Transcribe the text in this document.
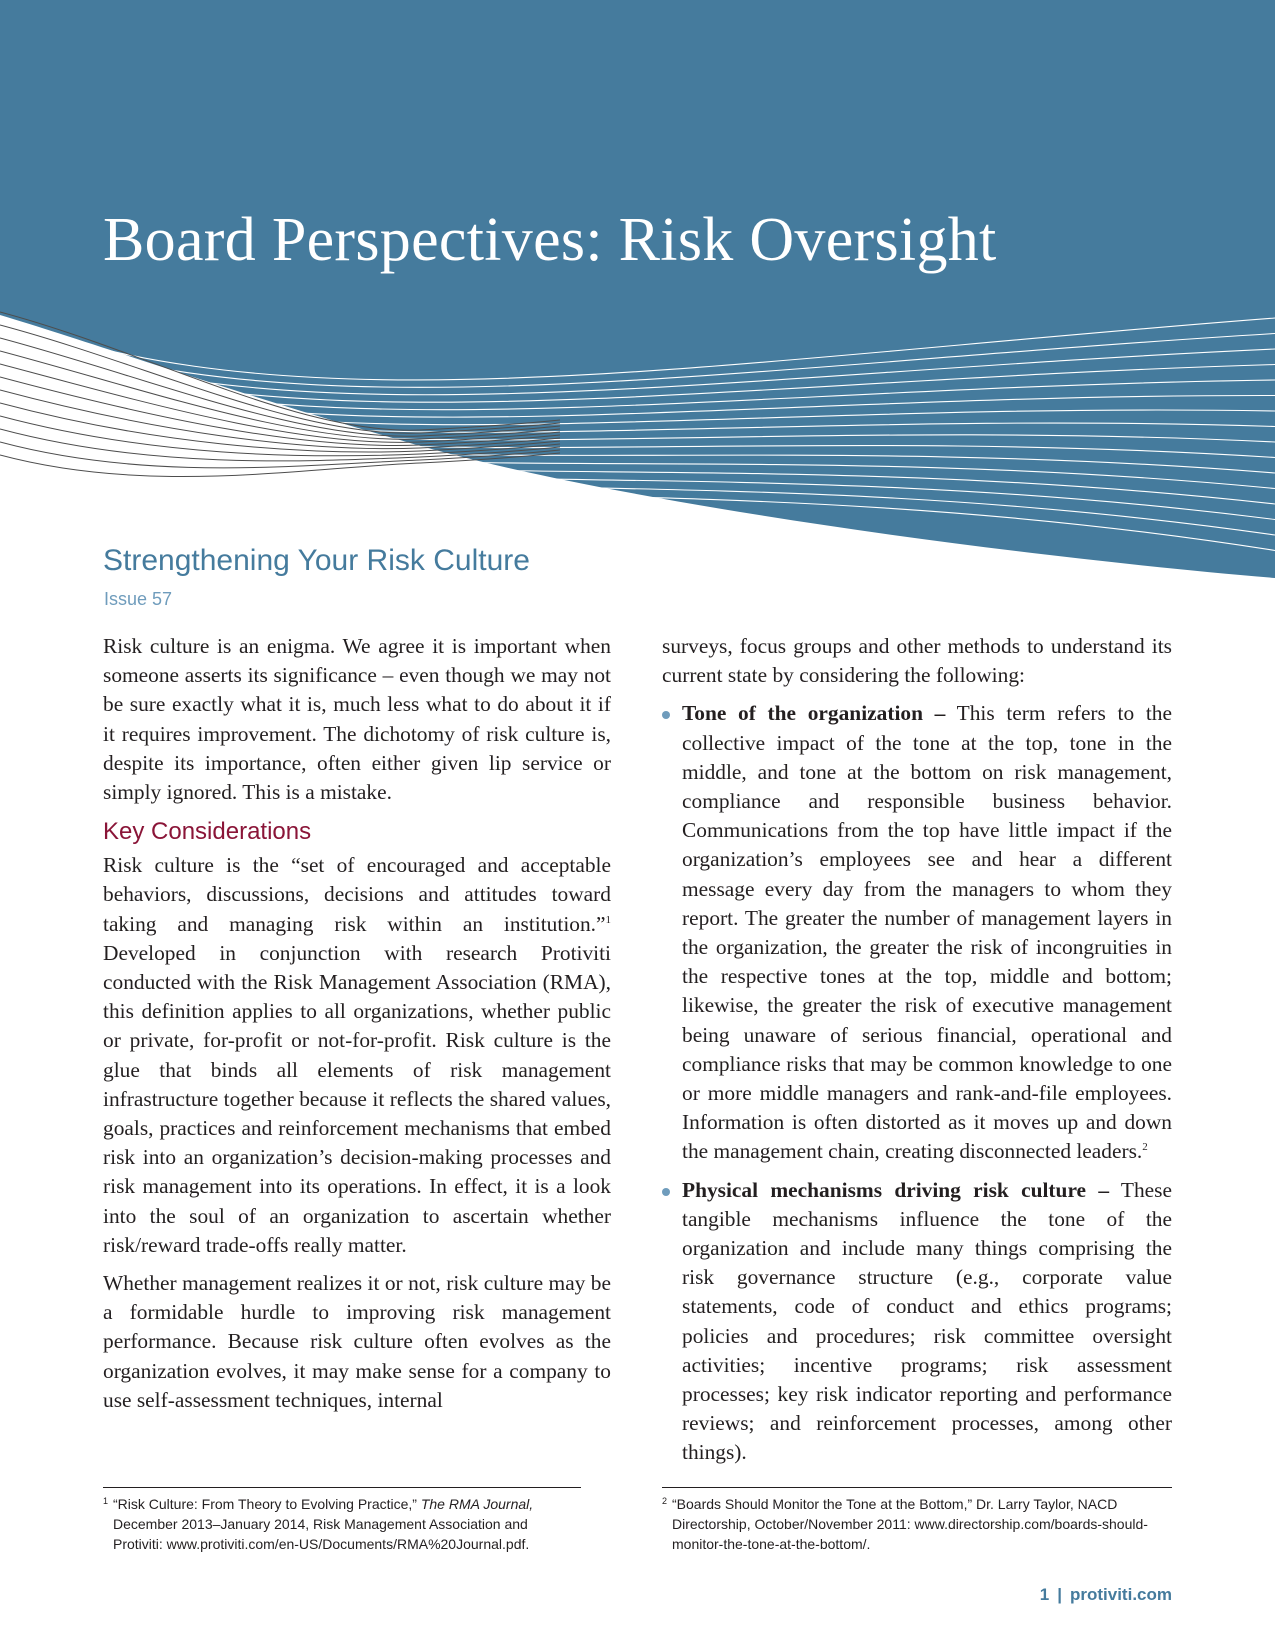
Board Perspectives: Risk Oversight
Strengthening Your Risk Culture
Issue 57

Risk culture is an enigma. We agree it is important when someone asserts its significance – even though we may not be sure exactly what it is, much less what to do about it if it requires improvement. The dichotomy of risk culture is, despite its importance, often either given lip service or simply ignored. This is a mistake.

Key Considerations

Risk culture is the “set of encouraged and acceptable behaviors, discussions, decisions and attitudes toward taking and managing risk within an institution.”$^1$ Developed in conjunction with research Protiviti conducted with the Risk Management Association (RMA), this definition applies to all organizations, whether public or private, for-profit or not-for-profit. Risk culture is the glue that binds all elements of risk management infrastructure together because it reflects the shared values, goals, practices and reinforcement mechanisms that embed risk into an organization’s decision-making processes and risk management into its operations. In effect, it is a look into the soul of an organization to ascertain whether risk/reward trade-offs really matter.

Whether management realizes it or not, risk culture may be a formidable hurdle to improving risk management performance. Because risk culture often evolves as the organization evolves, it may make sense for a company to use self-assessment techniques, internal

surveys, focus groups and other methods to understand its current state by considering the following:

Tone of the organization – This term refers to the collective impact of the tone at the top, tone in the middle, and tone at the bottom on risk management, compliance and responsible business behavior. Communications from the top have little impact if the organization’s employees see and hear a different message every day from the managers to whom they report. The greater the number of management layers in the organization, the greater the risk of incongruities in the respective tones at the top, middle and bottom; likewise, the greater the risk of executive management being unaware of serious financial, operational and compliance risks that may be common knowledge to one or more middle managers and rank-and-file employees. Information is often distorted as it moves up and down the management chain, creating disconnected leaders.$^2$
Physical mechanisms driving risk culture – These tangible mechanisms influence the tone of the organization and include many things comprising the risk governance structure (e.g., corporate value statements, code of conduct and ethics programs; policies and procedures; risk committee oversight activities; incentive programs; risk assessment processes; key risk indicator reporting and performance reviews; and reinforcement processes, among other things).
1 “Risk Culture: From Theory to Evolving Practice,” The RMA Journal, December 2013–January 2014, Risk Management Association and Protiviti: www.protiviti.com/en-US/Documents/RMA%20Journal.pdf.
2 “Boards Should Monitor the Tone at the Bottom,” Dr. Larry Taylor, NACD Directorship, October/November 2011: www.directorship.com/boards-should-monitor-the-tone-at-the-bottom/.
1 | protiviti.com
